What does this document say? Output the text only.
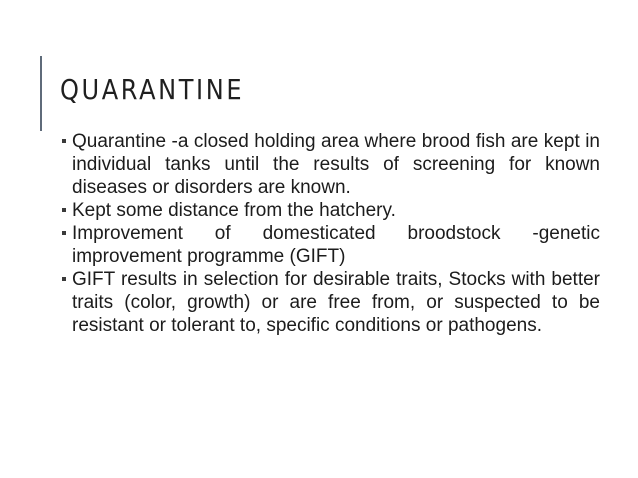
QUARANTINE
Quarantine -a closed holding area where brood fish are kept in individual tanks until the results of screening for known diseases or disorders are known.
Kept some distance from the hatchery.
Improvement of domesticated broodstock -genetic improvement programme (GIFT)
GIFT results in selection for desirable traits, Stocks with better traits (color, growth) or are free from, or suspected to be resistant or tolerant to, specific conditions or pathogens.
